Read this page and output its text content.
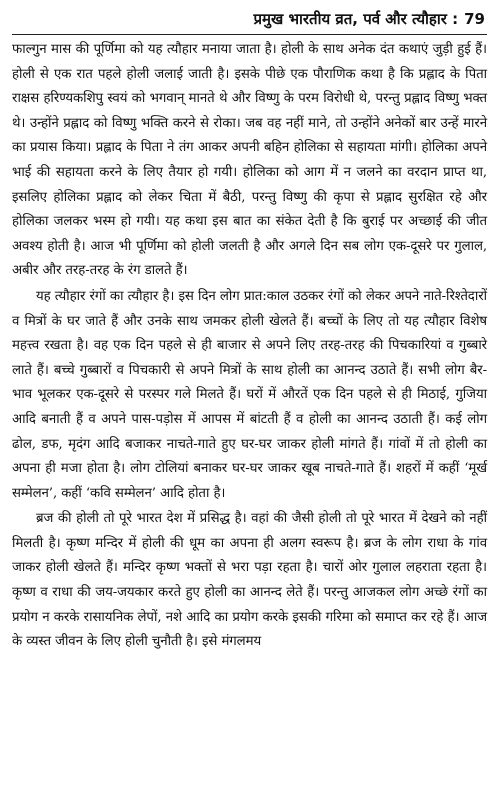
प्रमुख भारतीय व्रत, पर्व और त्यौहार : 79

फाल्गुन मास की पूर्णिमा को यह त्यौहार मनाया जाता है। होली के साथ अनेक दंत कथाएं जुड़ी हुई हैं। होली से एक रात पहले होली जलाई जाती है। इसके पीछे एक पौराणिक कथा है कि प्रह्लाद के पिता राक्षस हरिण्यकशिपु स्वयं को भगवान् मानते थे और विष्णु के परम विरोधी थे, परन्तु प्रह्लाद विष्णु भक्त थे। उन्होंने प्रह्लाद को विष्णु भक्ति करने से रोका। जब वह नहीं माने, तो उन्होंने अनेकों बार उन्हें मारने का प्रयास किया। प्रह्लाद के पिता ने तंग आकर अपनी बहिन होलिका से सहायता मांगी। होलिका अपने भाई की सहायता करने के लिए तैयार हो गयी। होलिका को आग में न जलने का वरदान प्राप्त था, इसलिए होलिका प्रह्लाद को लेकर चिता में बैठी, परन्तु विष्णु की कृपा से प्रह्लाद सुरक्षित रहे और होलिका जलकर भस्म हो गयी। यह कथा इस बात का संकेत देती है कि बुराई पर अच्छाई की जीत अवश्य होती है। आज भी पूर्णिमा को होली जलती है और अगले दिन सब लोग एक-दूसरे पर गुलाल, अबीर और तरह-तरह के रंग डालते हैं।

यह त्यौहार रंगों का त्यौहार है। इस दिन लोग प्रात:काल उठकर रंगों को लेकर अपने नाते-रिश्तेदारों व मित्रों के घर जाते हैं और उनके साथ जमकर होली खेलते हैं। बच्चों के लिए तो यह त्यौहार विशेष महत्त्व रखता है। वह एक दिन पहले से ही बाजार से अपने लिए तरह-तरह की पिचकारियां व गुब्बारे लाते हैं। बच्चे गुब्बारों व पिचकारी से अपने मित्रों के साथ होली का आनन्द उठाते हैं। सभी लोग बैर-भाव भूलकर एक-दूसरे से परस्पर गले मिलते हैं। घरों में औरतें एक दिन पहले से ही मिठाई, गुजिया आदि बनाती हैं व अपने पास-पड़ोस में आपस में बांटती हैं व होली का आनन्द उठाती हैं। कई लोग ढोल, डफ, मृदंग आदि बजाकर नाचते-गाते हुए घर-घर जाकर होली मांगते हैं। गांवों में तो होली का अपना ही मजा होता है। लोग टोलियां बनाकर घर-घर जाकर खूब नाचते-गाते हैं। शहरों में कहीं ‘मूर्ख सम्मेलन’, कहीं ‘कवि सम्मेलन’ आदि होता है।

ब्रज की होली तो पूरे भारत देश में प्रसिद्ध है। वहां की जैसी होली तो पूरे भारत में देखने को नहीं मिलती है। कृष्ण मन्दिर में होली की धूम का अपना ही अलग स्वरूप है। ब्रज के लोग राधा के गांव जाकर होली खेलते हैं। मन्दिर कृष्ण भक्तों से भरा पड़ा रहता है। चारों ओर गुलाल लहराता रहता है। कृष्ण व राधा की जय-जयकार करते हुए होली का आनन्द लेते हैं। परन्तु आजकल लोग अच्छे रंगों का प्रयोग न करके रासायनिक लेपों, नशे आदि का प्रयोग करके इसकी गरिमा को समाप्त कर रहे हैं। आज के व्यस्त जीवन के लिए होली चुनौती है। इसे मंगलमय
